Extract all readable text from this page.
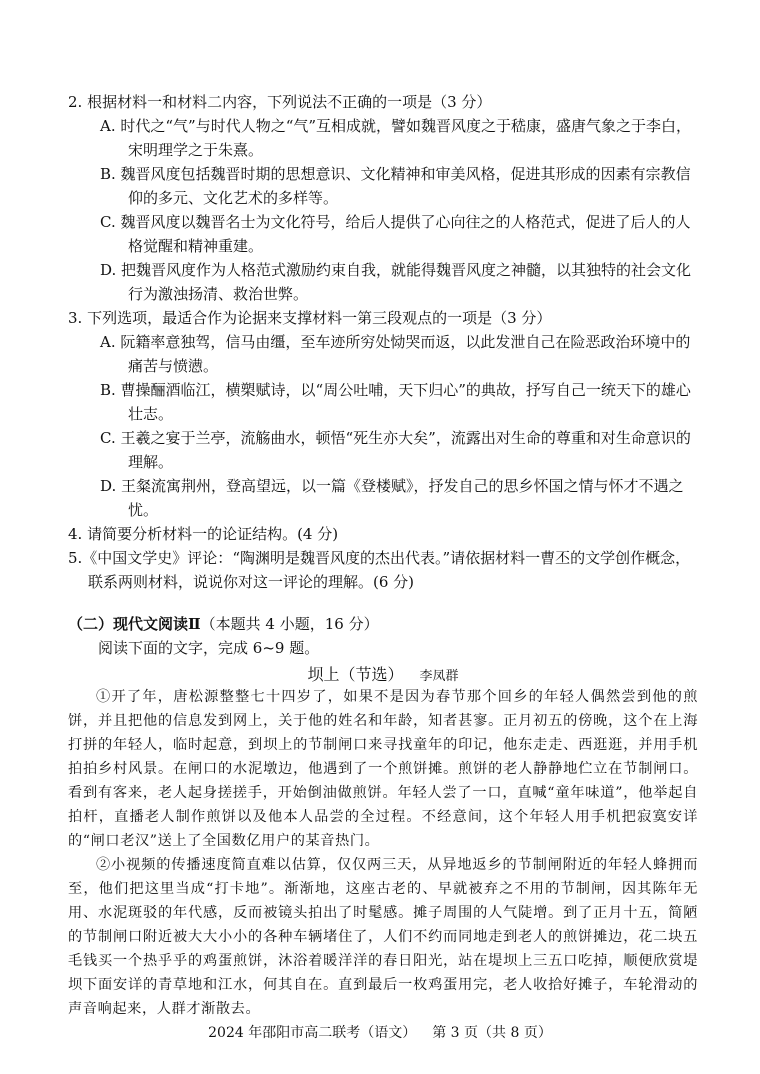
2. 根据材料一和材料二内容，下列说法不正确的一项是（3 分）

A. 时代之“气”与时代人物之“气”互相成就，譬如魏晋风度之于嵇康，盛唐气象之于李白，宋明理学之于朱熹。

B. 魏晋风度包括魏晋时期的思想意识、文化精神和审美风格，促进其形成的因素有宗教信仰的多元、文化艺术的多样等。

C. 魏晋风度以魏晋名士为文化符号，给后人提供了心向往之的人格范式，促进了后人的人格觉醒和精神重建。

D. 把魏晋风度作为人格范式激励约束自我，就能得魏晋风度之神髓，以其独特的社会文化行为激浊扬清、救治世弊。

3. 下列选项，最适合作为论据来支撑材料一第三段观点的一项是（3 分）

A. 阮籍率意独驾，信马由缰，至车迹所穷处恸哭而返，以此发泄自己在险恶政治环境中的痛苦与愤懑。

B. 曹操酾酒临江，横槊赋诗，以“周公吐哺，天下归心”的典故，抒写自己一统天下的雄心壮志。

C. 王羲之宴于兰亭，流觞曲水，顿悟“死生亦大矣”，流露出对生命的尊重和对生命意识的理解。

D. 王粲流寓荆州，登高望远，以一篇《登楼赋》，抒发自己的思乡怀国之情与怀才不遇之忧。

4. 请简要分析材料一的论证结构。(4 分)

5.《中国文学史》评论：“陶渊明是魏晋风度的杰出代表。”请依据材料一曹丕的文学创作概念，联系两则材料，说说你对这一评论的理解。(6 分)

（二）现代文阅读Ⅱ（本题共 4 小题，16 分）

阅读下面的文字，完成 6~9 题。

坝上（节选） 李凤群

①开了年，唐松源整整七十四岁了，如果不是因为春节那个回乡的年轻人偶然尝到他的煎饼，并且把他的信息发到网上，关于他的姓名和年龄，知者甚寥。正月初五的傍晚，这个在上海打拼的年轻人，临时起意，到坝上的节制闸口来寻找童年的印记，他东走走、西逛逛，并用手机拍拍乡村风景。在闸口的水泥墩边，他遇到了一个煎饼摊。煎饼的老人静静地伫立在节制闸口。看到有客来，老人起身搓搓手，开始倒油做煎饼。年轻人尝了一口，直喊“童年味道”，他举起自拍杆，直播老人制作煎饼以及他本人品尝的全过程。不经意间，这个年轻人用手机把寂寞安详的“闸口老汉”送上了全国数亿用户的某音热门。

②小视频的传播速度简直难以估算，仅仅两三天，从异地返乡的节制闸附近的年轻人蜂拥而至，他们把这里当成“打卡地”。渐渐地，这座古老的、早就被弃之不用的节制闸，因其陈年无用、水泥斑驳的年代感，反而被镜头拍出了时髦感。摊子周围的人气陡增。到了正月十五，简陋的节制闸口附近被大大小小的各种车辆堵住了，人们不约而同地走到老人的煎饼摊边，花二块五毛钱买一个热乎乎的鸡蛋煎饼，沐浴着暖洋洋的春日阳光，站在堤坝上三五口吃掉，顺便欣赏堤坝下面安详的青草地和江水，何其自在。直到最后一枚鸡蛋用完，老人收拾好摊子，车轮滑动的声音响起来，人群才渐散去。

2024 年邵阳市高二联考（语文） 第 3 页（共 8 页）
